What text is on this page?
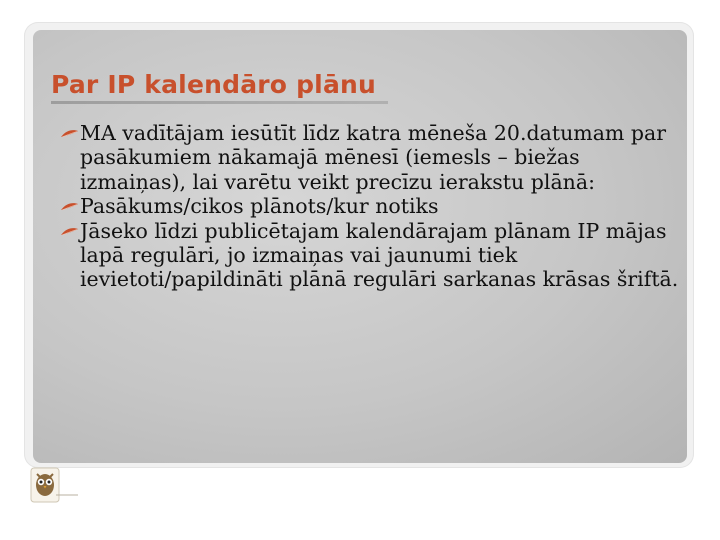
Par IP kalendāro plānu
MA vadītājam iesūtīt līdz katra mēneša 20.datumam par pasākumiem nākamajā mēnesī (iemesls – biežas izmaiņas), lai varētu veikt precīzu ierakstu plānā:
Pasākums/cikos plānots/kur notiks
Jāseko līdzi publicētajam kalendārajam plānam IP mājas lapā regulāri, jo izmaiņas vai jaunumi tiek ievietoti/papildināti plānā regulāri sarkanas krāsas šriftā.
